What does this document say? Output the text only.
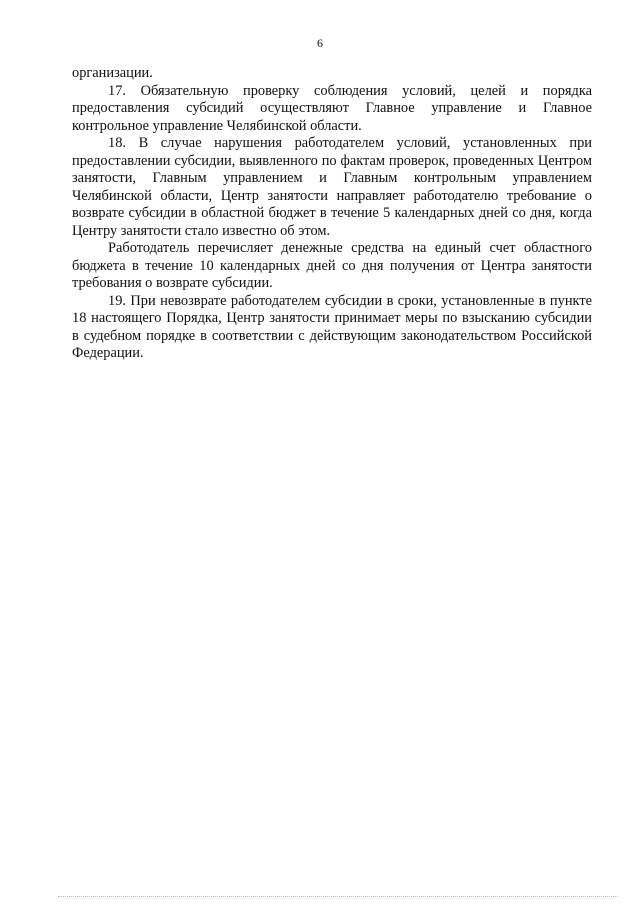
6

организации.

17. Обязательную проверку соблюдения условий, целей и порядка предоставления субсидий осуществляют Главное управление и Главное контрольное управление Челябинской области.

18. В случае нарушения работодателем условий, установленных при предоставлении субсидии, выявленного по фактам проверок, проведенных Центром занятости, Главным управлением и Главным контрольным управлением Челябинской области, Центр занятости направляет работодателю требование о возврате субсидии в областной бюджет в течение 5 календарных дней со дня, когда Центру занятости стало известно об этом.

Работодатель перечисляет денежные средства на единый счет областного бюджета в течение 10 календарных дней со дня получения от Центра занятости требования о возврате субсидии.

19. При невозврате работодателем субсидии в сроки, установленные в пункте 18 настоящего Порядка, Центр занятости принимает меры по взысканию субсидии в судебном порядке в соответствии с действующим законодательством Российской Федерации.
